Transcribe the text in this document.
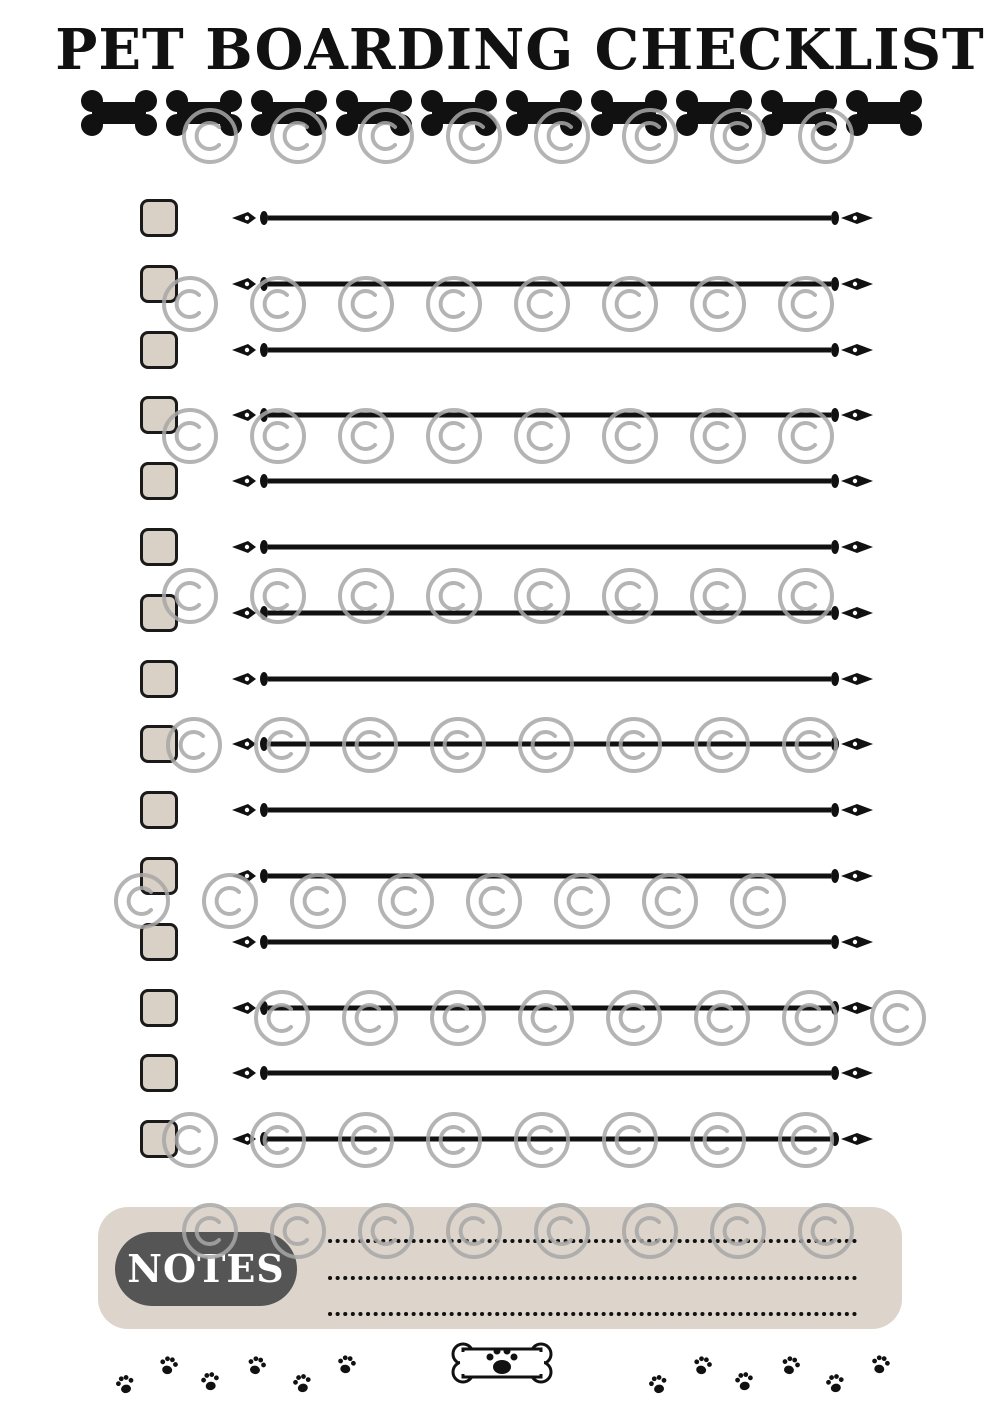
PET BOARDING CHECKLIST
NOTES
